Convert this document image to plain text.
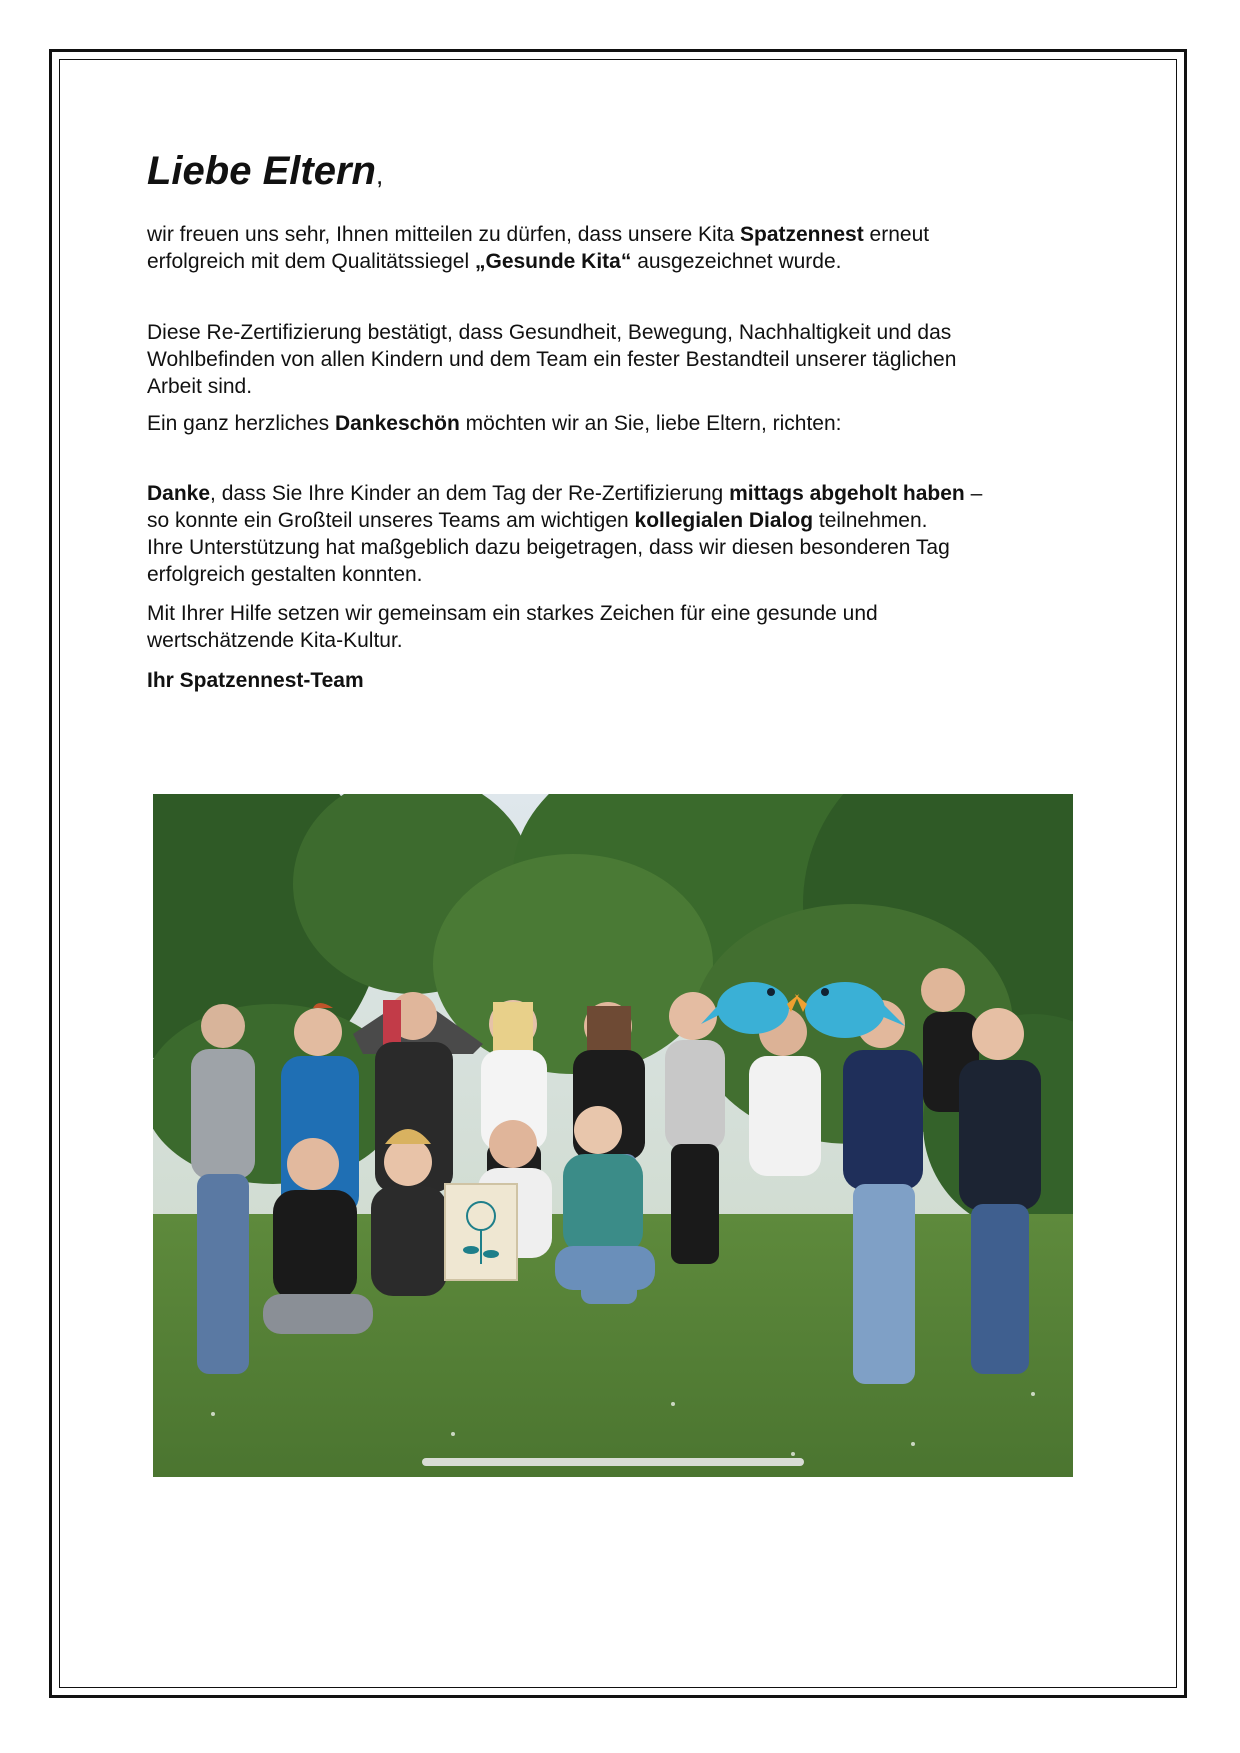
Liebe Eltern,

wir freuen uns sehr, Ihnen mitteilen zu dürfen, dass unsere Kita Spatzennest erneut
erfolgreich mit dem Qualitätssiegel „Gesunde Kita“ ausgezeichnet wurde.

Diese Re-Zertifizierung bestätigt, dass Gesundheit, Bewegung, Nachhaltigkeit und das
Wohlbefinden von allen Kindern und dem Team ein fester Bestandteil unserer täglichen
Arbeit sind.

Ein ganz herzliches Dankeschön möchten wir an Sie, liebe Eltern, richten:

Danke, dass Sie Ihre Kinder an dem Tag der Re-Zertifizierung mittags abgeholt haben –
so konnte ein Großteil unseres Teams am wichtigen kollegialen Dialog teilnehmen.
Ihre Unterstützung hat maßgeblich dazu beigetragen, dass wir diesen besonderen Tag
erfolgreich gestalten konnten.

Mit Ihrer Hilfe setzen wir gemeinsam ein starkes Zeichen für eine gesunde und
wertschätzende Kita-Kultur.

Ihr Spatzennest-Team
